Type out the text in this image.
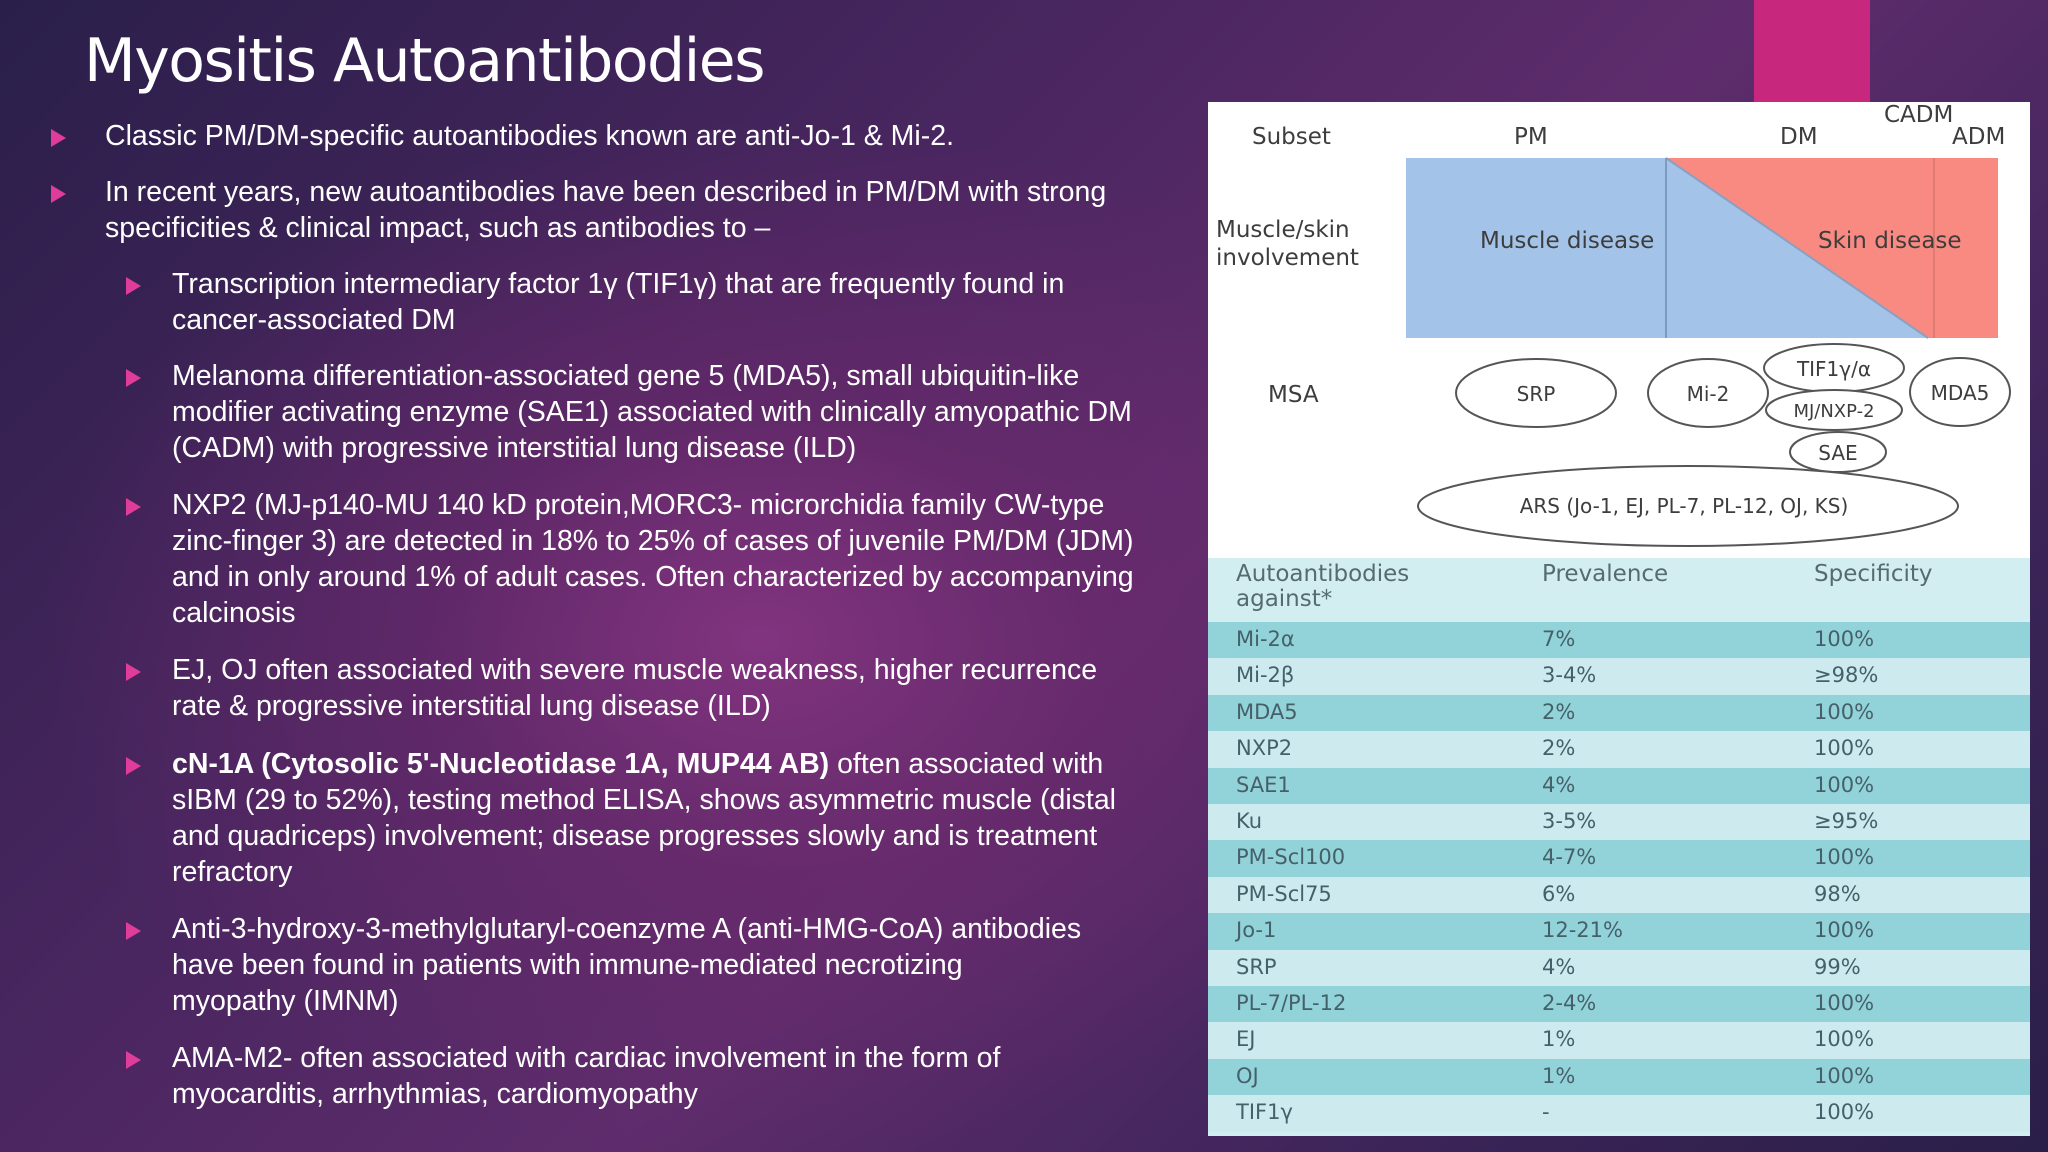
Myositis Autoantibodies
Classic PM/DM-specific autoantibodies known are anti-Jo-1 & Mi-2.
In recent years, new autoantibodies have been described in PM/DM with strong
specificities & clinical impact, such as antibodies to –
Transcription intermediary factor 1γ (TIF1γ) that are frequently found in
cancer-associated DM
Melanoma differentiation-associated gene 5 (MDA5), small ubiquitin-like
modifier activating enzyme (SAE1) associated with clinically amyopathic DM
(CADM) with progressive interstitial lung disease (ILD)
NXP2 (MJ-p140-MU 140 kD protein,MORC3- microrchidia family CW-type
zinc-finger 3) are detected in 18% to 25% of cases of juvenile PM/DM (JDM)
and in only around 1% of adult cases. Often characterized by accompanying
calcinosis
EJ, OJ often associated with severe muscle weakness, higher recurrence
rate & progressive interstitial lung disease (ILD)
cN-1A (Cytosolic 5'-Nucleotidase 1A, MUP44 AB) often associated with
sIBM (29 to 52%), testing method ELISA, shows asymmetric muscle (distal
and quadriceps) involvement; disease progresses slowly and is treatment
refractory
Anti-3-hydroxy-3-methylglutaryl-coenzyme A (anti-HMG-CoA) antibodies
have been found in patients with immune-mediated necrotizing
myopathy (IMNM)
AMA-M2- often associated with cardiac involvement in the form of
myocarditis, arrhythmias, cardiomyopathy
SRP	Mi-2
TIF1γ/α
MDA5
MJ/NXP-2
SAE
ARS (Jo-1, EJ, PL-7, PL-12, OJ, KS)
Subset	PM	DM
CADM
ADM
Muscle/skin
involvement
Muscle disease	Skin disease
MSA
Autoantibodies
against*
Prevalence	Specificity
Mi-2α	7%	100%
Mi-2β	3-4%	≥98%
MDA5	2%	100%
NXP2	2%	100%
SAE1	4%	100%
Ku	3-5%	≥95%
PM-Scl100	4-7%	100%
PM-Scl75	6%	98%
Jo-1	12-21%	100%
SRP	4%	99%
PL-7/PL-12	2-4%	100%
EJ	1%	100%
OJ	1%	100%
TIF1γ	-	100%
